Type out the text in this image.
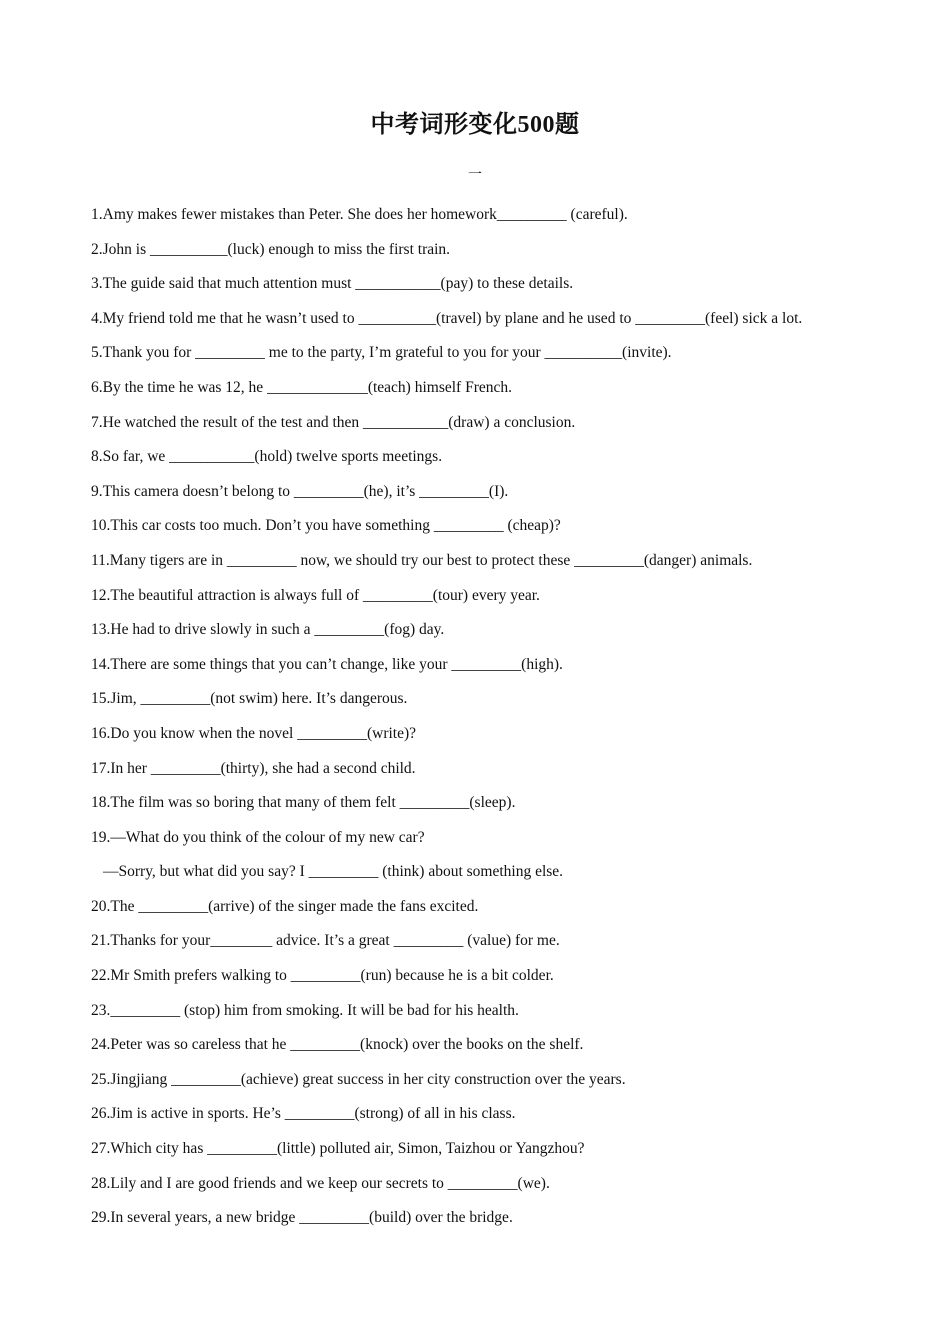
中考词形变化500题
一
1.Amy makes fewer mistakes than Peter. She does her homework_________ (careful).
2.John is __________(luck) enough to miss the first train.
3.The guide said that much attention must ___________(pay) to these details.
4.My friend told me that he wasn’t used to __________(travel) by plane and he used to _________(feel) sick a lot.
5.Thank you for _________ me to the party, I’m grateful to you for your __________(invite).
6.By the time he was 12, he _____________(teach) himself French.
7.He watched the result of the test and then ___________(draw) a conclusion.
8.So far, we ___________(hold) twelve sports meetings.
9.This camera doesn’t belong to _________(he), it’s _________(I).
10.This car costs too much. Don’t you have something _________ (cheap)?
11.Many tigers are in _________ now, we should try our best to protect these _________(danger) animals.
12.The beautiful attraction is always full of _________(tour) every year.
13.He had to drive slowly in such a _________(fog) day.
14.There are some things that you can’t change, like your _________(high).
15.Jim, _________(not swim) here. It’s dangerous.
16.Do you know when the novel _________(write)?
17.In her _________(thirty), she had a second child.
18.The film was so boring that many of them felt _________(sleep).
19.—What do you think of the colour of my new car?
—Sorry, but what did you say? I _________ (think) about something else.
20.The _________(arrive) of the singer made the fans excited.
21.Thanks for your________ advice. It’s a great _________ (value) for me.
22.Mr Smith prefers walking to _________(run) because he is a bit colder.
23._________ (stop) him from smoking. It will be bad for his health.
24.Peter was so careless that he _________(knock) over the books on the shelf.
25.Jingjiang _________(achieve) great success in her city construction over the years.
26.Jim is active in sports. He’s _________(strong) of all in his class.
27.Which city has _________(little) polluted air, Simon, Taizhou or Yangzhou?
28.Lily and I are good friends and we keep our secrets to _________(we).
29.In several years, a new bridge _________(build) over the bridge.
